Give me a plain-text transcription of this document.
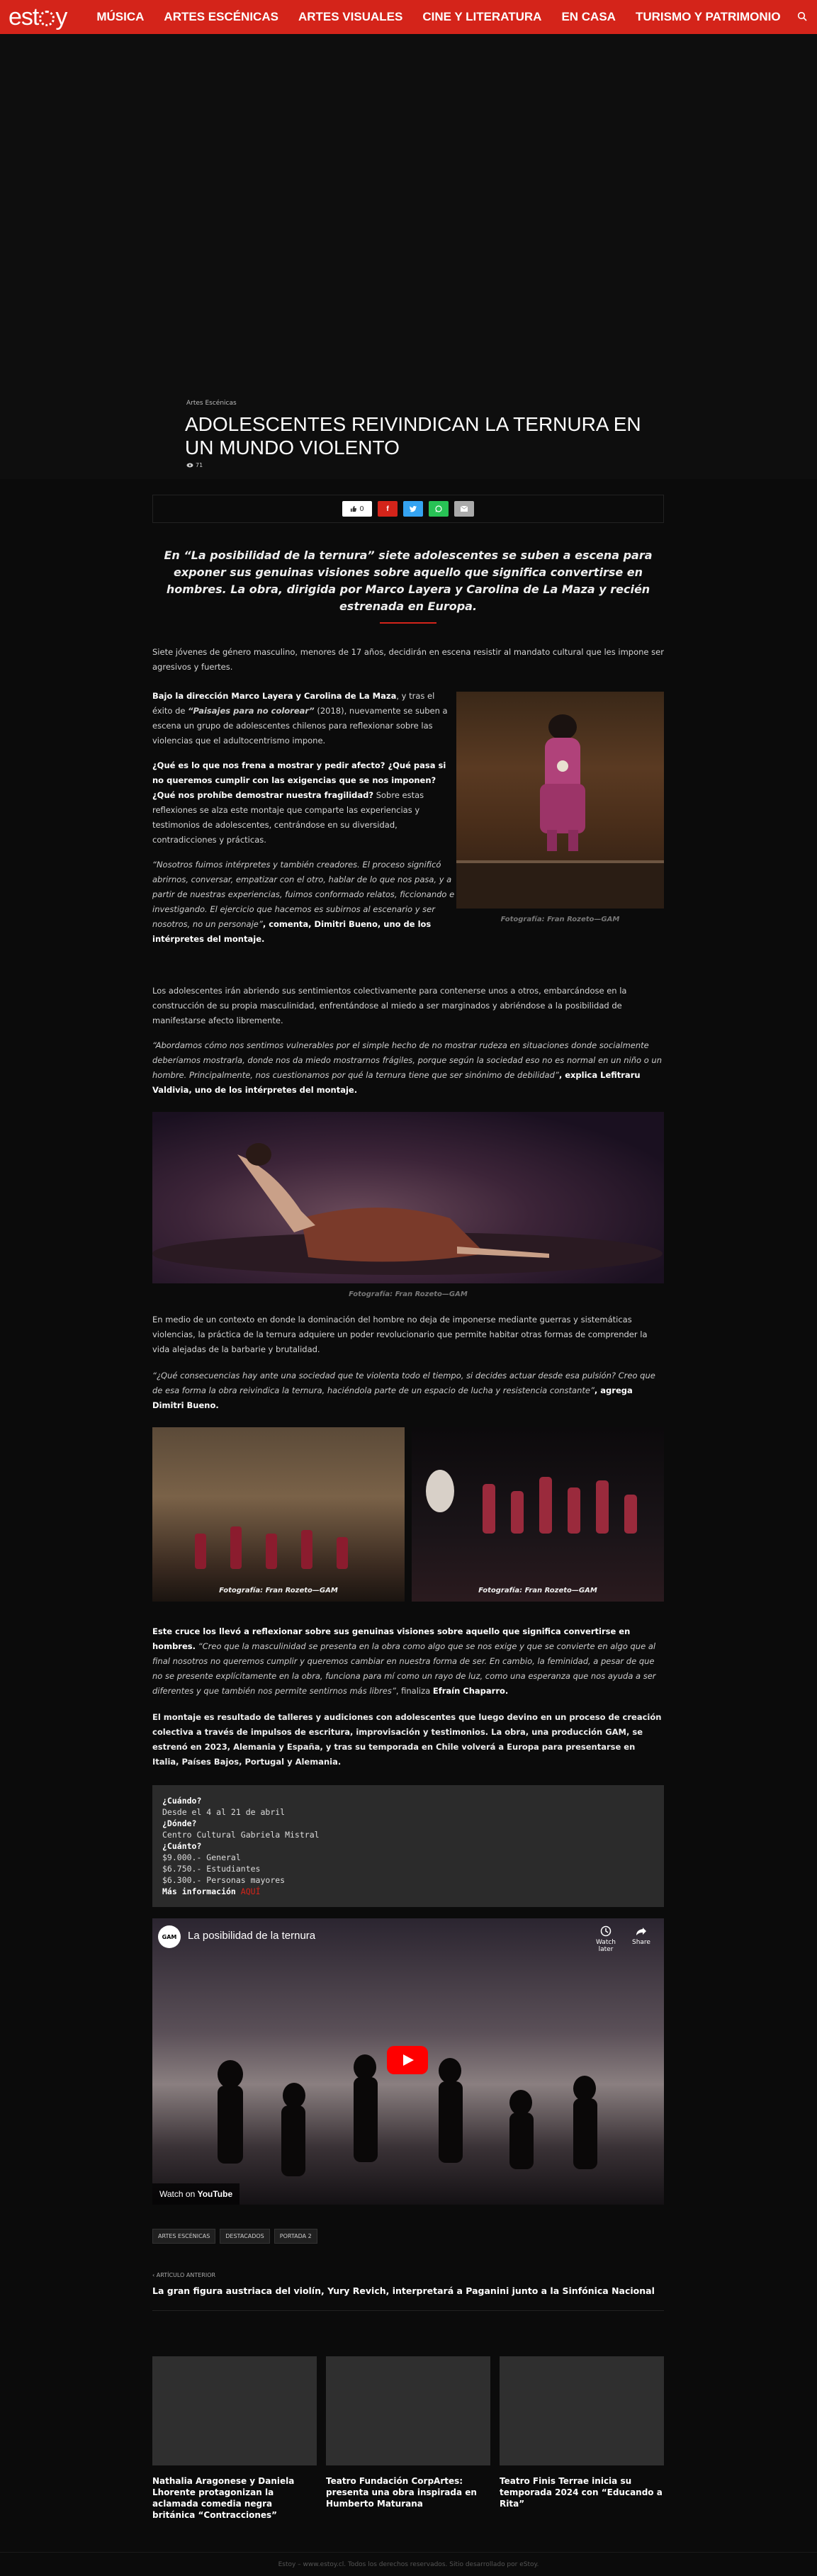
est y MÚSICA ARTES ESCÉNICAS ARTES VISUALES CINE Y LITERATURA EN CASA TURISMO Y PATRIMONIO
Artes Escénicas
ADOLESCENTES REIVINDICAN LA TERNURA EN UN MUNDO VIOLENTO
71
0	f
En “La posibilidad de la ternura” siete adolescentes se suben a escena para exponer sus genuinas visiones sobre aquello que significa convertirse en hombres. La obra, dirigida por Marco Layera y Carolina de La Maza y recién estrenada en Europa.

Siete jóvenes de género masculino, menores de 17 años, decidirán en escena resistir al mandato cultural que les impone ser agresivos y fuertes.

Bajo la dirección Marco Layera y Carolina de La Maza, y tras el éxito de “Paisajes para no colorear” (2018), nuevamente se suben a escena un grupo de adolescentes chilenos para reflexionar sobre las violencias que el adultocentrismo impone.

¿Qué es lo que nos frena a mostrar y pedir afecto? ¿Qué pasa si no queremos cumplir con las exigencias que se nos imponen? ¿Qué nos prohíbe demostrar nuestra fragilidad? Sobre estas reflexiones se alza este montaje que comparte las experiencias y testimonios de adolescentes, centrándose en su diversidad, contradicciones y prácticas.

“Nosotros fuimos intérpretes y también creadores. El proceso significó abrirnos, conversar, empatizar con el otro, hablar de lo que nos pasa, y a partir de nuestras experiencias, fuimos conformado relatos, ficcionando e investigando. El ejercicio que hacemos es subirnos al escenario y ser nosotros, no un personaje”, comenta, Dimitri Bueno, uno de los intérpretes del montaje.

Fotografía: Fran Rozeto—GAM

Los adolescentes irán abriendo sus sentimientos colectivamente para contenerse unos a otros, embarcándose en la construcción de su propia masculinidad, enfrentándose al miedo a ser marginados y abriéndose a la posibilidad de manifestarse afecto libremente.

“Abordamos cómo nos sentimos vulnerables por el simple hecho de no mostrar rudeza en situaciones donde socialmente deberíamos mostrarla, donde nos da miedo mostrarnos frágiles, porque según la sociedad eso no es normal en un niño o un hombre. Principalmente, nos cuestionamos por qué la ternura tiene que ser sinónimo de debilidad”, explica Lefitraru Valdivia, uno de los intérpretes del montaje.

Fotografía: Fran Rozeto—GAM

En medio de un contexto en donde la dominación del hombre no deja de imponerse mediante guerras y sistemáticas violencias, la práctica de la ternura adquiere un poder revolucionario que permite habitar otras formas de comprender la vida alejadas de la barbarie y brutalidad.

“¿Qué consecuencias hay ante una sociedad que te violenta todo el tiempo, si decides actuar desde esa pulsión? Creo que de esa forma la obra reivindica la ternura, haciéndola parte de un espacio de lucha y resistencia constante”, agrega Dimitri Bueno.

Fotografía: Fran Rozeto—GAM	Fotografía: Fran Rozeto—GAM

Este cruce los llevó a reflexionar sobre sus genuinas visiones sobre aquello que significa convertirse en hombres. “Creo que la masculinidad se presenta en la obra como algo que se nos exige y que se convierte en algo que al final nosotros no queremos cumplir y queremos cambiar en nuestra forma de ser. En cambio, la feminidad, a pesar de que no se presente explícitamente en la obra, funciona para mí como un rayo de luz, como una esperanza que nos ayuda a ser diferentes y que también nos permite sentirnos más libres”, finaliza Efraín Chaparro.

El montaje es resultado de talleres y audiciones con adolescentes que luego devino en un proceso de creación colectiva a través de impulsos de escritura, improvisación y testimonios. La obra, una producción GAM, se estrenó en 2023, Alemania y España, y tras su temporada en Chile volverá a Europa para presentarse en Italia, Países Bajos, Portugal y Alemania.

¿Cuándo?
Desde el 4 al 21 de abril
¿Dónde?
Centro Cultural Gabriela Mistral
¿Cuánto?
$9.000.- General
$6.750.- Estudiantes
$6.300.- Personas mayores
Más información AQUÍ
GAM	La posibilidad de la ternura
Watch later
Share
Watch on YouTube
ARTES ESCÉNICAS	DESTACADOS	PORTADA 2
‹ ARTÍCULO ANTERIOR
La gran figura austriaca del violín, Yury Revich, interpretará a Paganini junto a la Sinfónica Nacional
Nathalia Aragonese y Daniela Lhorente protagonizan la aclamada comedia negra británica “Contracciones”
Teatro Fundación CorpArtes: presenta una obra inspirada en Humberto Maturana
Teatro Finis Terrae inicia su temporada 2024 con “Educando a Rita”
Estoy – www.estoy.cl. Todos los derechos reservados. Sitio desarrollado por eStoy.
